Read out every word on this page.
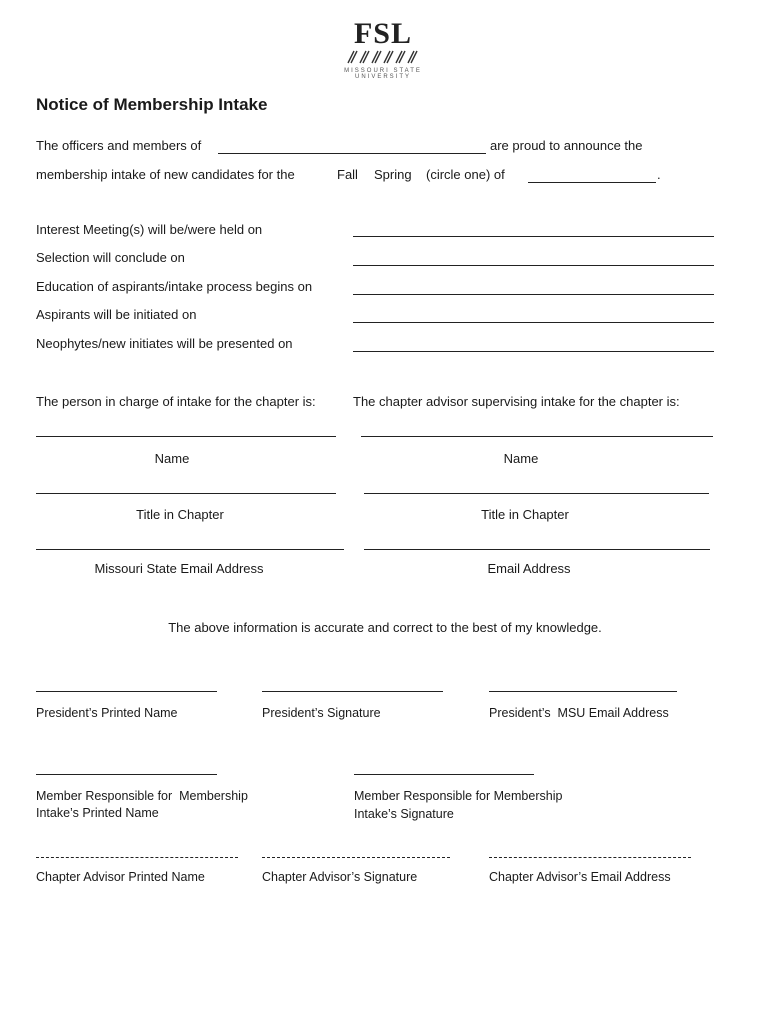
FSL
MISSOURI STATE
UNIVERSITY
Notice of Membership Intake
The officers and members of	are proud to announce the
membership intake of new candidates for the	Fall Spring (circle one) of	.
Interest Meeting(s) will be/were held on
Selection will conclude on
Education of aspirants/intake process begins on
Aspirants will be initiated on
Neophytes/new initiates will be presented on
The person in charge of intake for the chapter is:	The chapter advisor supervising intake for the chapter is:
Name	Name
Title in Chapter	Title in Chapter
Missouri State Email Address	Email Address
The above information is accurate and correct to the best of my knowledge.
President’s Printed Name	President’s Signature	President’s  MSU Email Address
Member Responsible for  Membership
Intake’s Printed Name
Member Responsible for Membership
Intake’s Signature
Chapter Advisor Printed Name	Chapter Advisor’s Signature	Chapter Advisor’s Email Address
